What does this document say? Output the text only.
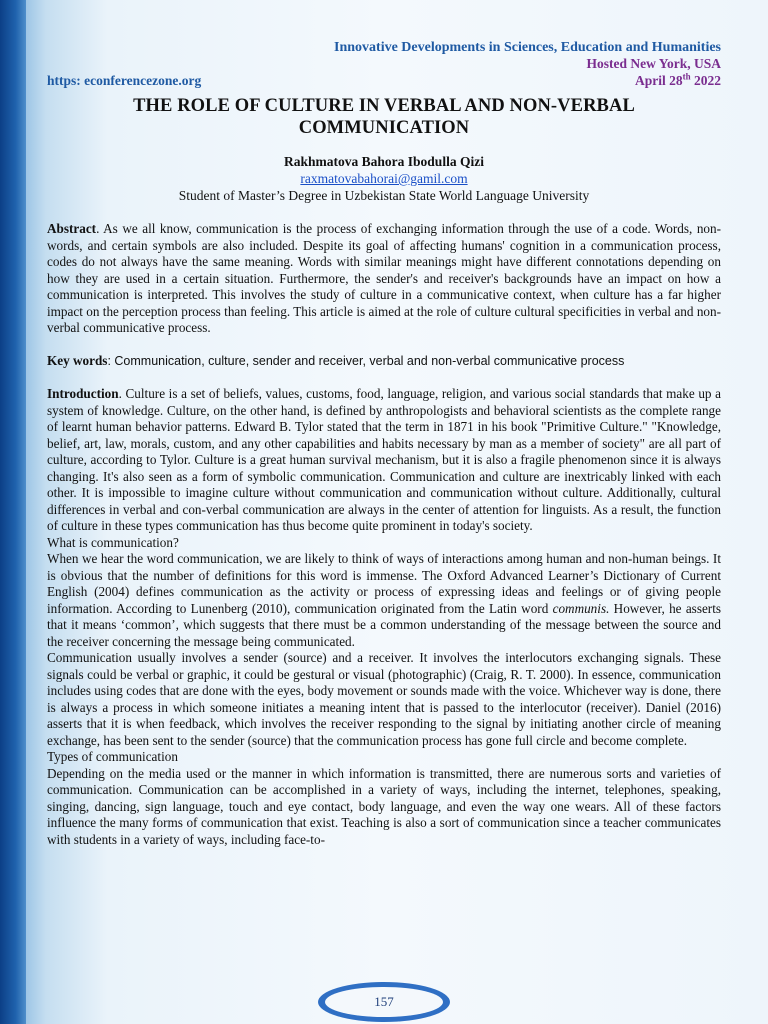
Innovative Developments in Sciences, Education and Humanities
Hosted New York, USA
https: econferencezone.org	April 28th 2022
THE ROLE OF CULTURE IN VERBAL AND NON-VERBAL
COMMUNICATION
Rakhmatova Bahora Ibodulla Qizi
raxmatovabahorai@gamil.com
Student of Master’s Degree in Uzbekistan State World Language University

Abstract. As we all know, communication is the process of exchanging information through the use of a code. Words, non-words, and certain symbols are also included. Despite its goal of affecting humans' cognition in a communication process, codes do not always have the same meaning. Words with similar meanings might have different connotations depending on how they are used in a certain situation. Furthermore, the sender's and receiver's backgrounds have an impact on how a communication is interpreted. This involves the study of culture in a communicative context, when culture has a far higher impact on the perception process than feeling. This article is aimed at the role of culture cultural specificities in verbal and non-verbal communicative process.

Key words: Communication, culture, sender and receiver, verbal and non-verbal communicative process

Introduction. Culture is a set of beliefs, values, customs, food, language, religion, and various social standards that make up a system of knowledge. Culture, on the other hand, is defined by anthropologists and behavioral scientists as the complete range of learnt human behavior patterns. Edward B. Tylor stated that the term in 1871 in his book "Primitive Culture." "Knowledge, belief, art, law, morals, custom, and any other capabilities and habits necessary by man as a member of society" are all part of culture, according to Tylor. Culture is a great human survival mechanism, but it is also a fragile phenomenon since it is always changing. It's also seen as a form of symbolic communication. Communication and culture are inextricably linked with each other. It is impossible to imagine culture without communication and communication without culture. Additionally, cultural differences in verbal and con-verbal communication are always in the center of attention for linguists. As a result, the function of culture in these types communication has thus become quite prominent in today's society.

What is communication?

When we hear the word communication, we are likely to think of ways of interactions among human and non-human beings. It is obvious that the number of definitions for this word is immense. The Oxford Advanced Learner’s Dictionary of Current English (2004) defines communication as the activity or process of expressing ideas and feelings or of giving people information. According to Lunenberg (2010), communication originated from the Latin word communis. However, he asserts that it means ‘common’, which suggests that there must be a common understanding of the message between the source and the receiver concerning the message being communicated.

Communication usually involves a sender (source) and a receiver. It involves the interlocutors exchanging signals. These signals could be verbal or graphic, it could be gestural or visual (photographic) (Craig, R. T. 2000). In essence, communication includes using codes that are done with the eyes, body movement or sounds made with the voice. Whichever way is done, there is always a process in which someone initiates a meaning intent that is passed to the interlocutor (receiver). Daniel (2016) asserts that it is when feedback, which involves the receiver responding to the signal by initiating another circle of meaning exchange, has been sent to the sender (source) that the communication process has gone full circle and become complete.

Types of communication

Depending on the media used or the manner in which information is transmitted, there are numerous sorts and varieties of communication. Communication can be accomplished in a variety of ways, including the internet, telephones, speaking, singing, dancing, sign language, touch and eye contact, body language, and even the way one wears. All of these factors influence the many forms of communication that exist. Teaching is also a sort of communication since a teacher communicates with students in a variety of ways, including face-to-

157
